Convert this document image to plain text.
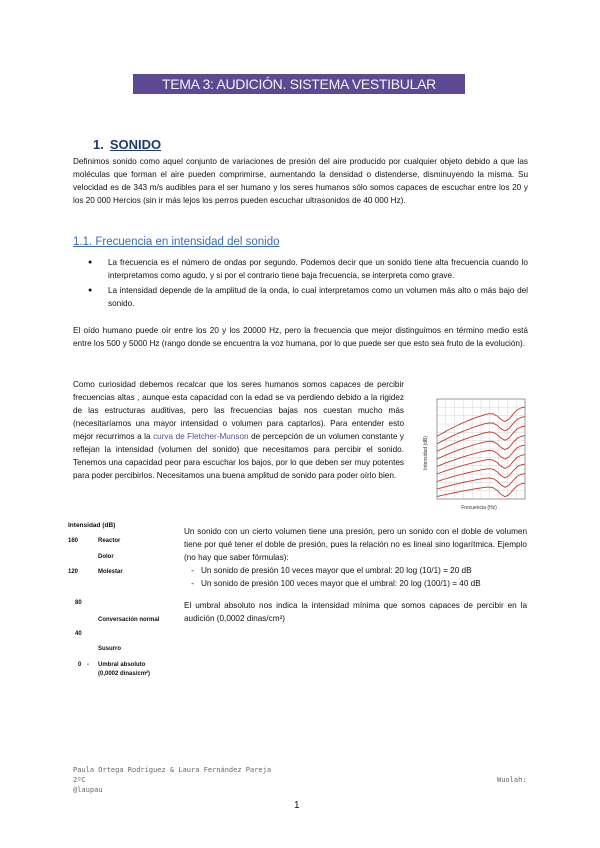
TEMA 3: AUDICIÓN. SISTEMA VESTIBULAR
1. SONIDO
Definimos sonido como aquel conjunto de variaciones de presión del aire producido por cualquier objeto debido a que las moléculas que forman el aire pueden comprimirse, aumentando la densidad o distenderse, disminuyendo la misma. Su velocidad es de 343 m/s audibles para el ser humano y los seres humanos sólo somos capaces de escuchar entre los 20 y los 20 000 Hercios (sin ir más lejos los perros pueden escuchar ultrasonidos de 40 000 Hz).
1.1. Frecuencia en intensidad del sonido
● La frecuencia es el número de ondas por segundo. Podemos decir que un sonido tiene alta frecuencia cuando lo interpretamos como agudo, y si por el contrario tiene baja frecuencia, se interpreta como grave.
● La intensidad depende de la amplitud de la onda, lo cual interpretamos como un volumen más alto o más bajo del sonido.
El oído humano puede oír entre los 20 y los 20000 Hz, pero la frecuencia que mejor distinguimos en término medio está entre los 500 y 5000 Hz (rango donde se encuentra la voz humana, por lo que puede ser que esto sea fruto de la evolución).
Como curiosidad debemos recalcar que los seres humanos somos capaces de percibir frecuencias altas , aunque esta capacidad con la edad se va perdiendo debido a la rigidez de las estructuras auditivas, pero las frecuencias bajas nos cuestan mucho más (necesitaríamos una mayor intensidad o volumen para captarlos). Para entender esto mejor recurrimos a la curva de Fletcher-Munson de percepción de un volumen constante y reflejan la intensidad (volumen del sonido) que necesitamos para percibir el sonido. Tenemos una capacidad peor para escuchar los bajos, por lo que deben ser muy potentes para poder percibirlos. Necesitamos una buena amplitud de sonido para poder oírlo bien.
Frecuencia (Hz)
Intensidad (dB)
Intensidad (dB)
160	Reactor
Dolor
120	Molestar
80
Conversación normal
40
Susurro
0 - Umbral absoluto
(0,0002 dinas/cm²)

Un sonido con un cierto volumen tiene una presión, pero un sonido con el doble de volumen tiene por qué tener el doble de presión, pues la relación no es lineal sino logarítmica. Ejemplo (no hay que saber fórmulas):

- Un sonido de presión 10 veces mayor que el umbral: 20 log (10/1) = 20 dB
- Un sonido de presión 100 veces mayor que el umbral: 20 log (100/1) = 40 dB

El umbral absoluto nos indica la intensidad mínima que somos capaces de percibir en la audición (0,0002 dinas/cm²)

Paula Ortega Rodríguez & Laura Fernández Pareja
2ºC
@laupau
Wuolah:
1
